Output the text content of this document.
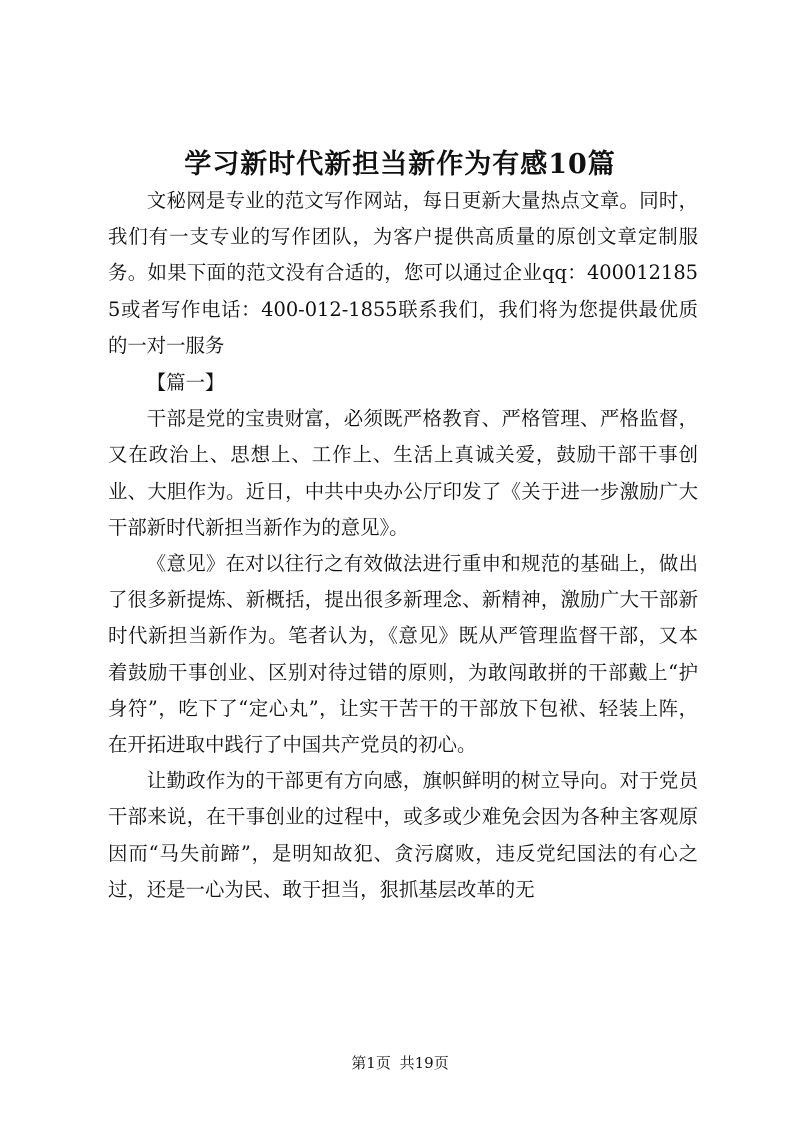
学习新时代新担当新作为有感10篇

文秘网是专业的范文写作网站，每日更新大量热点文章。同时，我们有一支专业的写作团队，为客户提供高质量的原创文章定制服务。如果下面的范文没有合适的，您可以通过企业qq：4000121855或者写作电话：400-012-1855联系我们，我们将为您提供最优质的一对一服务

【篇一】

干部是党的宝贵财富，必须既严格教育、严格管理、严格监督，又在政治上、思想上、工作上、生活上真诚关爱，鼓励干部干事创业、大胆作为。近日，中共中央办公厅印发了《关于进一步激励广大干部新时代新担当新作为的意见》。

《意见》在对以往行之有效做法进行重申和规范的基础上，做出了很多新提炼、新概括，提出很多新理念、新精神，激励广大干部新时代新担当新作为。笔者认为，《意见》既从严管理监督干部，又本着鼓励干事创业、区别对待过错的原则，为敢闯敢拼的干部戴上“护身符”，吃下了“定心丸”，让实干苦干的干部放下包袱、轻装上阵，在开拓进取中践行了中国共产党员的初心。

让勤政作为的干部更有方向感，旗帜鲜明的树立导向。对于党员干部来说，在干事创业的过程中，或多或少难免会因为各种主客观原因而“马失前蹄”，是明知故犯、贪污腐败，违反党纪国法的有心之过，还是一心为民、敢于担当，狠抓基层改革的无

第1页 共19页
